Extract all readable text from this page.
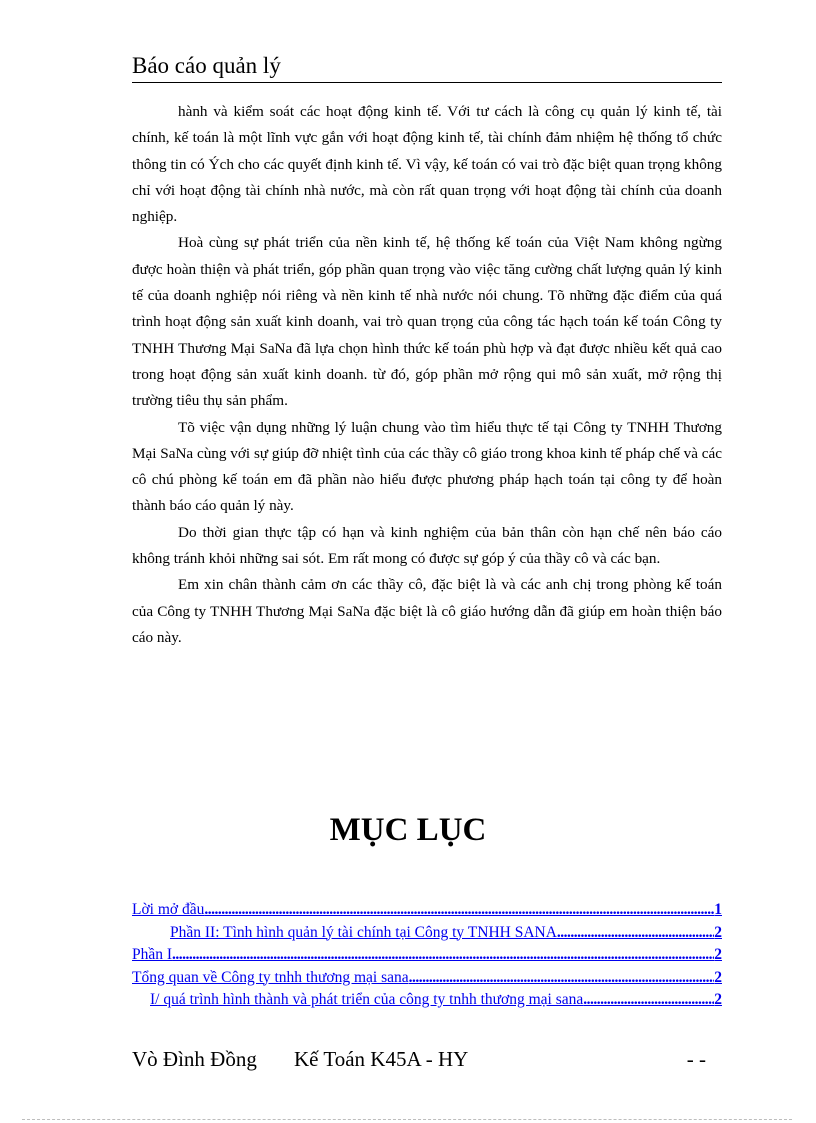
Báo cáo quản lý

hành và kiểm soát các hoạt động kinh tế. Với tư cách là công cụ quản lý kinh tế, tài chính, kế toán là một lĩnh vực gắn với hoạt động kinh tế, tài chính đảm nhiệm hệ thống tổ chức thông tin có Ých cho các quyết định kinh tế. Vì vậy, kế toán có vai trò đặc biệt quan trọng không chỉ với hoạt động tài chính nhà nước, mà còn rất quan trọng với hoạt động tài chính của doanh nghiệp.

Hoà cùng sự phát triển của nền kinh tế, hệ thống kế toán của Việt Nam không ngừng được hoàn thiện và phát triển, góp phần quan trọng vào việc tăng cường chất lượng quản lý kinh tế của doanh nghiệp nói riêng và nền kinh tế nhà nước nói chung. Tõ những đặc điểm của quá trình hoạt động sản xuất kinh doanh, vai trò quan trọng của công tác hạch toán kế toán Công ty TNHH Thương Mại SaNa đã lựa chọn hình thức kế toán phù hợp và đạt được nhiều kết quả cao trong hoạt động sản xuất kinh doanh. từ đó, góp phần mở rộng qui mô sản xuất, mở rộng thị trường tiêu thụ sản phẩm.

Tõ việc vận dụng những lý luận chung vào tìm hiểu thực tế tại Công ty TNHH Thương Mại SaNa cùng với sự giúp đỡ nhiệt tình của các thầy cô giáo trong khoa kinh tế pháp chế và các cô chú phòng kế toán em đã phần nào hiểu được phương pháp hạch toán tại công ty để hoàn thành báo cáo quản lý này.

Do thời gian thực tập có hạn và kinh nghiệm của bản thân còn hạn chế nên báo cáo không tránh khỏi những sai sót. Em rất mong có được sự góp ý của thầy cô và các bạn.

Em xin chân thành cảm ơn các thầy cô, đặc biệt là và các anh chị trong phòng kế toán của Công ty TNHH Thương Mại SaNa đặc biệt là cô giáo hướng dẫn đã giúp em hoàn thiện báo cáo này.

MỤC LỤC
Lời mở đầu .....	1
Phần II: Tình hình quản lý tài chính tại Công ty TNHH SANA .....	2
Phần I .....	2
Tổng quan về Công ty tnhh thương mại sana .....	2
I/ quá trình hình thành và phát triển của công ty tnhh thương mại sana .....	2
Vò Đình Đồng Kế Toán K45A - HY	- -
